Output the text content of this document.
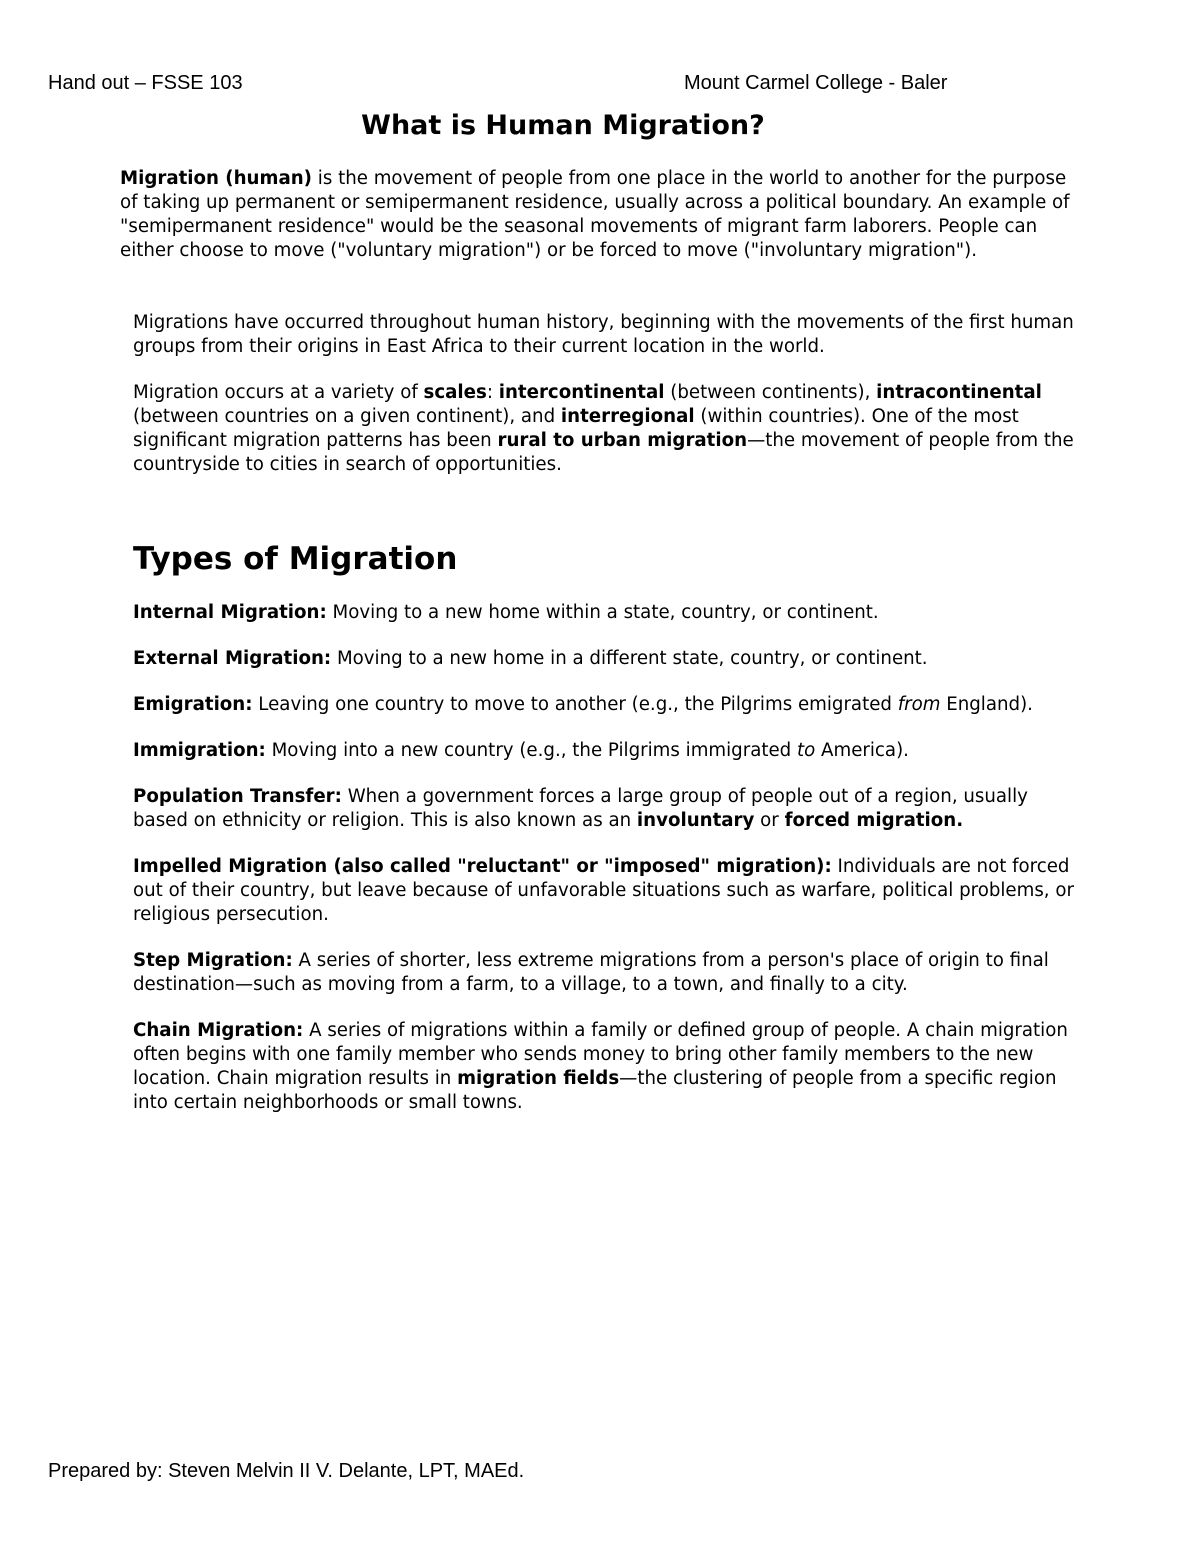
Hand out – FSSE 103	Mount Carmel College - Baler
What is Human Migration?

Migration (human) is the movement of people from one place in the world to another for the purpose of taking up permanent or semipermanent residence, usually across a political boundary. An example of "semipermanent residence" would be the seasonal movements of migrant farm laborers. People can either choose to move ("voluntary migration") or be forced to move ("involuntary migration").

Migrations have occurred throughout human history, beginning with the movements of the first human groups from their origins in East Africa to their current location in the world.

Migration occurs at a variety of scales: intercontinental (between continents), intracontinental (between countries on a given continent), and interregional (within countries). One of the most significant migration patterns has been rural to urban migration—the movement of people from the countryside to cities in search of opportunities.

Types of Migration

Internal Migration: Moving to a new home within a state, country, or continent.

External Migration: Moving to a new home in a different state, country, or continent.

Emigration: Leaving one country to move to another (e.g., the Pilgrims emigrated from England).

Immigration: Moving into a new country (e.g., the Pilgrims immigrated to America).

Population Transfer: When a government forces a large group of people out of a region, usually based on ethnicity or religion. This is also known as an involuntary or forced migration.

Impelled Migration (also called "reluctant" or "imposed" migration): Individuals are not forced out of their country, but leave because of unfavorable situations such as warfare, political problems, or religious persecution.

Step Migration: A series of shorter, less extreme migrations from a person's place of origin to final destination—such as moving from a farm, to a village, to a town, and finally to a city.

Chain Migration: A series of migrations within a family or defined group of people. A chain migration often begins with one family member who sends money to bring other family members to the new location. Chain migration results in migration fields—the clustering of people from a specific region into certain neighborhoods or small towns.

Prepared by: Steven Melvin II V. Delante, LPT, MAEd.
